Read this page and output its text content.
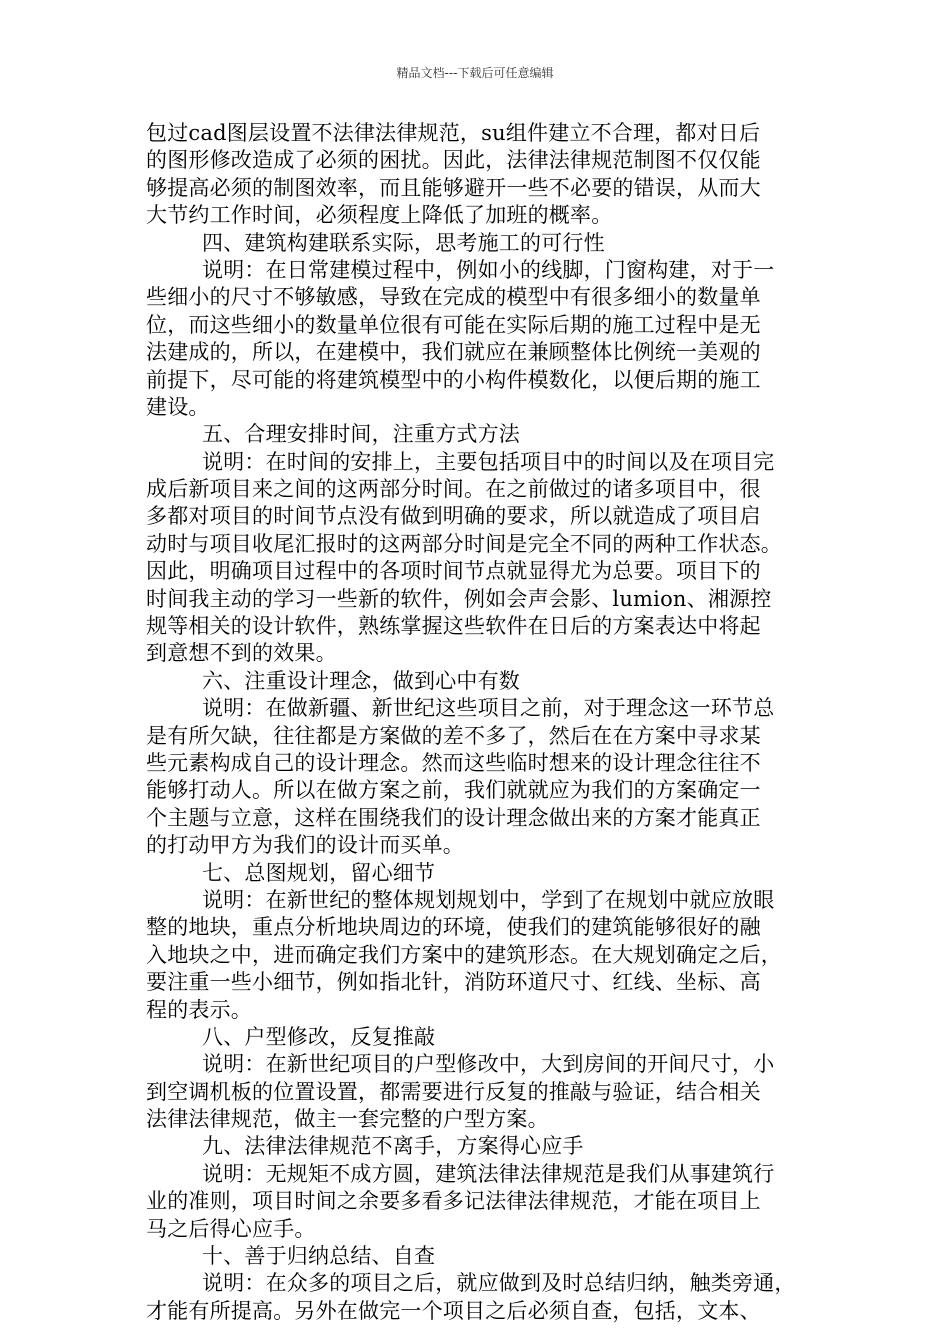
精品文档---下载后可任意编辑
包过cad图层设置不法律法律规范，su组件建立不合理，都对日后
的图形修改造成了必须的困扰。因此，法律法律规范制图不仅仅能
够提高必须的制图效率，而且能够避开一些不必要的错误，从而大
大节约工作时间，必须程度上降低了加班的概率。
四、建筑构建联系实际，思考施工的可行性
说明：在日常建模过程中，例如小的线脚，门窗构建，对于一
些细小的尺寸不够敏感，导致在完成的模型中有很多细小的数量单
位，而这些细小的数量单位很有可能在实际后期的施工过程中是无
法建成的，所以，在建模中，我们就应在兼顾整体比例统一美观的
前提下，尽可能的将建筑模型中的小构件模数化，以便后期的施工
建设。
五、合理安排时间，注重方式方法
说明：在时间的安排上，主要包括项目中的时间以及在项目完
成后新项目来之间的这两部分时间。在之前做过的诸多项目中，很
多都对项目的时间节点没有做到明确的要求，所以就造成了项目启
动时与项目收尾汇报时的这两部分时间是完全不同的两种工作状态。
因此，明确项目过程中的各项时间节点就显得尤为总要。项目下的
时间我主动的学习一些新的软件，例如会声会影、lumion、湘源控
规等相关的设计软件，熟练掌握这些软件在日后的方案表达中将起
到意想不到的效果。
六、注重设计理念，做到心中有数
说明：在做新疆、新世纪这些项目之前，对于理念这一环节总
是有所欠缺，往往都是方案做的差不多了，然后在在方案中寻求某
些元素构成自己的设计理念。然而这些临时想来的设计理念往往不
能够打动人。所以在做方案之前，我们就就应为我们的方案确定一
个主题与立意，这样在围绕我们的设计理念做出来的方案才能真正
的打动甲方为我们的设计而买单。
七、总图规划，留心细节
说明：在新世纪的整体规划规划中，学到了在规划中就应放眼
整的地块，重点分析地块周边的环境，使我们的建筑能够很好的融
入地块之中，进而确定我们方案中的建筑形态。在大规划确定之后，
要注重一些小细节，例如指北针，消防环道尺寸、红线、坐标、高
程的表示。
八、户型修改，反复推敲
说明：在新世纪项目的户型修改中，大到房间的开间尺寸，小
到空调机板的位置设置，都需要进行反复的推敲与验证，结合相关
法律法律规范，做主一套完整的户型方案。
九、法律法律规范不离手，方案得心应手
说明：无规矩不成方圆，建筑法律法律规范是我们从事建筑行
业的准则，项目时间之余要多看多记法律法律规范，才能在项目上
马之后得心应手。
十、善于归纳总结、自查
说明：在众多的项目之后，就应做到及时总结归纳，触类旁通，
才能有所提高。另外在做完一个项目之后必须自查，包括，文本、
